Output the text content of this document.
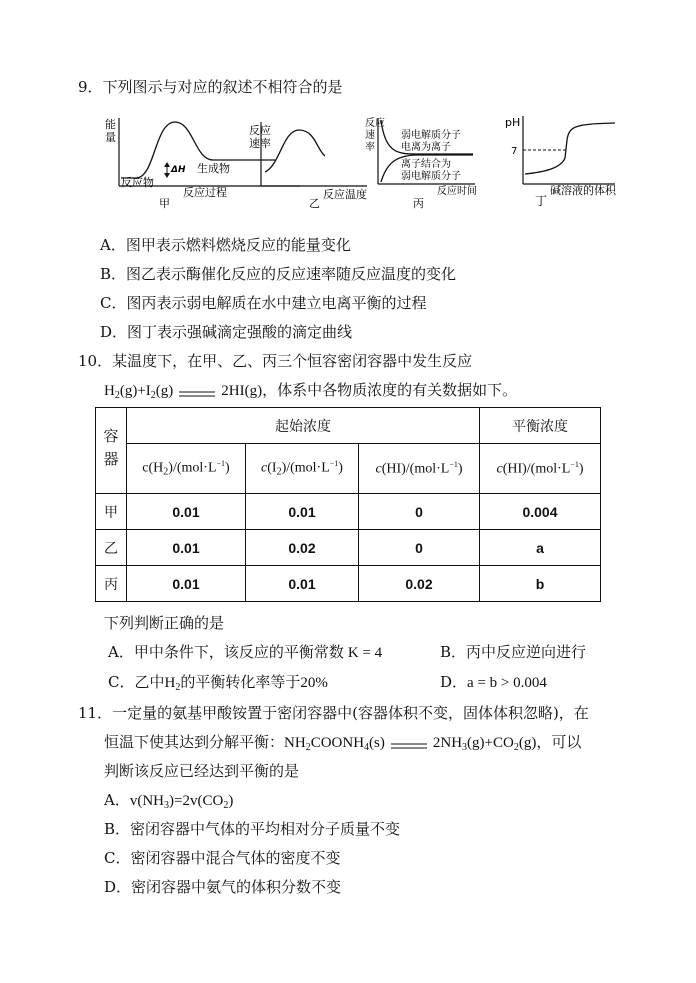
9．下列图示与对应的叙述不相符合的是
能
量
ΔH 生成物
反应物
反应过程
甲
反应
速率
反应温度
乙
反应
速
率
弱电解质分子
电离为离子
离子结合为
弱电解质分子
反应时间
丙
pH
7
碱溶液的体积
丁
A．图甲表示燃料燃烧反应的能量变化
B．图乙表示酶催化反应的反应速率随反应温度的变化
C．图丙表示弱电解质在水中建立电离平衡的过程
D．图丁表示强碱滴定强酸的滴定曲线
10．某温度下，在甲、乙、丙三个恒容密闭容器中发生反应
$H_2(g)+I_2(g)$	2HI(g)，体系中各物质浓度的有关数据如下。
容器	起始浓度			平衡浓度
	$c(H_2)/(mol\cdot L^{-1})$	$c(I_2)/(mol\cdot L^{-1})$	$c(HI)/(mol\cdot L^{-1})$	$c(HI)/(mol\cdot L^{-1})$
甲	0.01	0.01	0	0.004
乙	0.01	0.02	0	a
丙	0.01	0.01	0.02	b
下列判断正确的是
A．甲中条件下，该反应的平衡常数 K = 4	B．丙中反应逆向进行
C．乙中$H_2$的平衡转化率等于20%	D．a = b > 0.004
11．一定量的氨基甲酸铵置于密闭容器中(容器体积不变，固体体积忽略)，在
恒温下使其达到分解平衡：$NH_2COONH_4(s)$	$2NH_3(g)+CO_2(g)$，可以
判断该反应已经达到平衡的是
A．$v(NH_3)=2v(CO_2)$
B．密闭容器中气体的平均相对分子质量不变
C．密闭容器中混合气体的密度不变
D．密闭容器中氨气的体积分数不变
